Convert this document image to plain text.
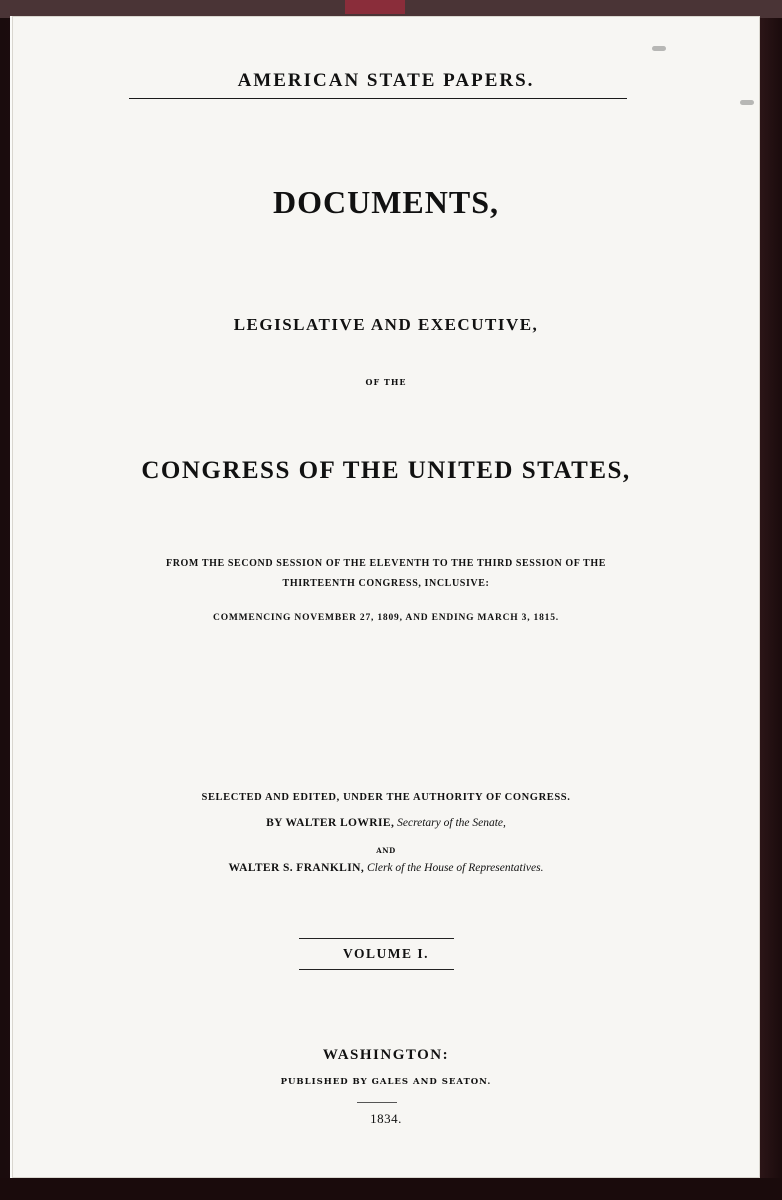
AMERICAN STATE PAPERS.
DOCUMENTS,
LEGISLATIVE AND EXECUTIVE,
OF THE
CONGRESS OF THE UNITED STATES,
FROM THE SECOND SESSION OF THE ELEVENTH TO THE THIRD SESSION OF THE
THIRTEENTH CONGRESS, INCLUSIVE:
COMMENCING NOVEMBER 27, 1809, AND ENDING MARCH 3, 1815.
SELECTED AND EDITED, UNDER THE AUTHORITY OF CONGRESS.
BY WALTER LOWRIE, Secretary of the Senate,
AND
WALTER S. FRANKLIN, Clerk of the House of Representatives.
VOLUME I.
WASHINGTON:
PUBLISHED BY GALES AND SEATON.
1834.
